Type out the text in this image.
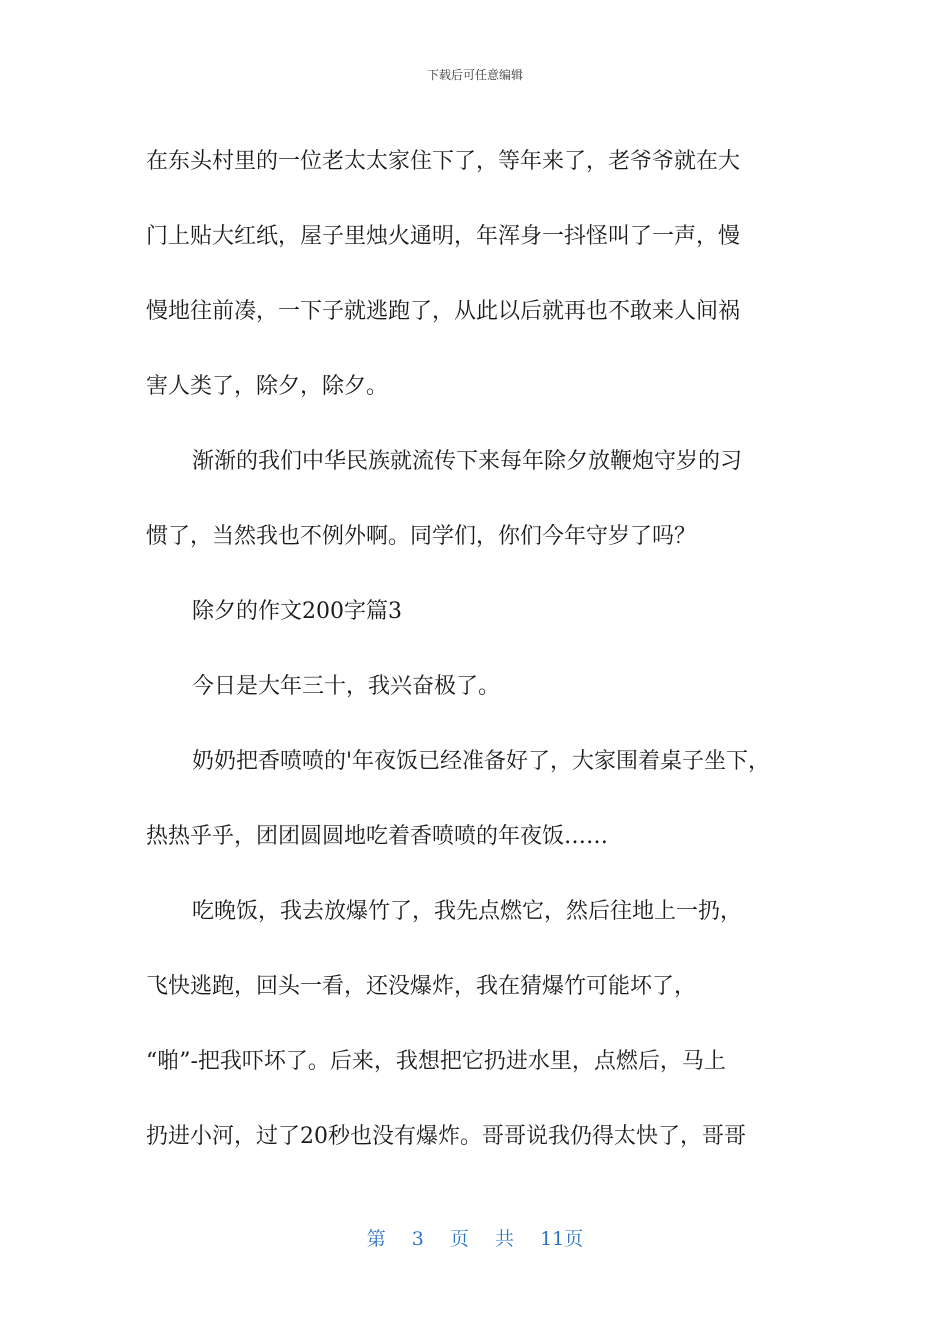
下载后可任意编辑
在东头村里的一位老太太家住下了，等年来了，老爷爷就在大
门上贴大红纸，屋子里烛火通明，年浑身一抖怪叫了一声，慢
慢地往前凑，一下子就逃跑了，从此以后就再也不敢来人间祸
害人类了，除夕，除夕。
渐渐的我们中华民族就流传下来每年除夕放鞭炮守岁的习
惯了，当然我也不例外啊。同学们，你们今年守岁了吗？
除夕的作文200字篇3
今日是大年三十，我兴奋极了。
奶奶把香喷喷的'年夜饭已经准备好了，大家围着桌子坐下，
热热乎乎，团团圆圆地吃着香喷喷的年夜饭……
吃晚饭，我去放爆竹了，我先点燃它，然后往地上一扔，
飞快逃跑，回头一看，还没爆炸，我在猜爆竹可能坏了，
“啪”-把我吓坏了。后来，我想把它扔进水里，点燃后，马上
扔进小河，过了20秒也没有爆炸。哥哥说我仍得太快了，哥哥
第 3 页 共 11页
